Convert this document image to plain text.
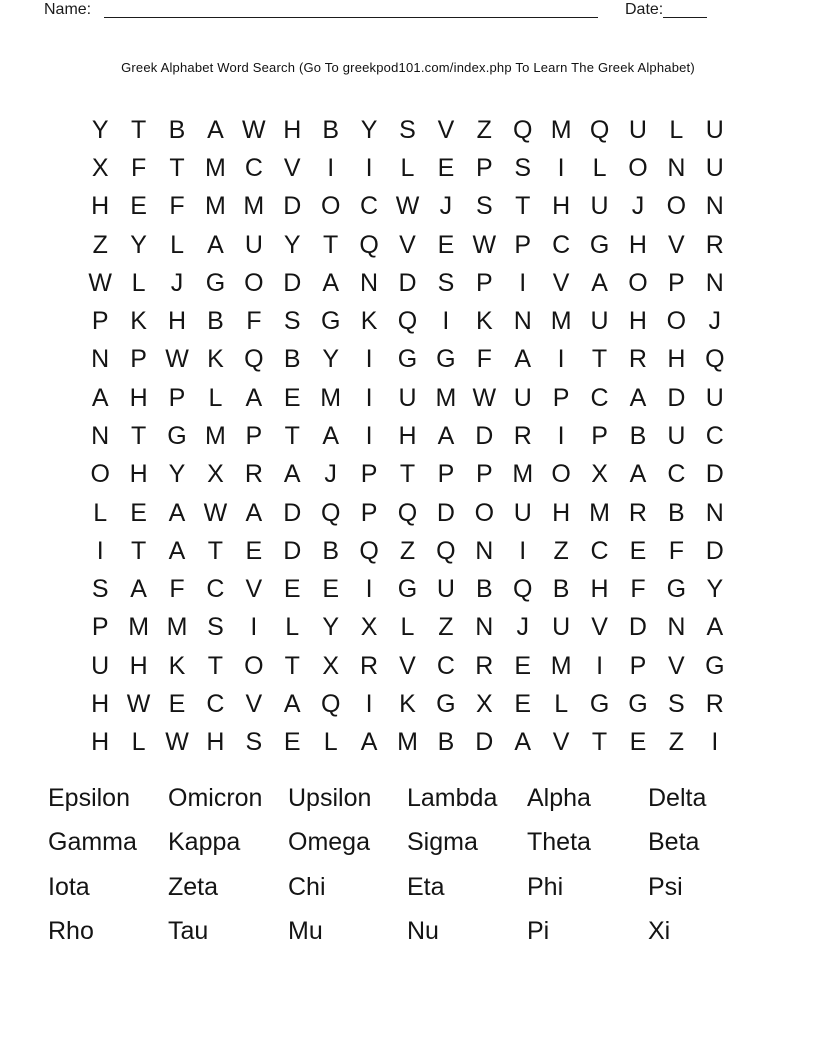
Name:	Date:
Greek Alphabet Word Search (Go To greekpod101.com/index.php To Learn The Greek Alphabet)
Y T B A W H B Y S V Z Q M Q U L U
X F T M C V	I	I	L E P S	I	L O N U
H E F M M D O C W J S T H U J O N
Z Y L A U Y T Q V E W P C G H V R
W L	J G O D A N D S P	I	V A O P N
P K H B F S G K Q	I	K N M U H O J
N P W K Q B Y	I	G G F A	I	T R H Q
A H P L A E M I	U M W U P C A D U
N T G M P T A	I	H A D R	I	P B U C
O H Y X R A J P T P P M O X A C D
L E A W A D Q P Q D O U H M R B N
I	T A T E D B Q Z Q N	I	Z C E F D
S A F C V E E	I	G U B Q B H F G Y
P M M S	I	L Y X L Z N J U V D N A
U H K T O T X R V C R E M I	P V G
H W E C V A Q	I	K G X E L G G S R
H L W H S E L A M B D A V T E Z	I
Epsilon	Omicron	Upsilon	Lambda	Alpha	Delta
Gamma	Kappa	Omega	Sigma	Theta	Beta
Iota	Zeta	Chi	Eta	Phi	Psi
Rho	Tau	Mu	Nu	Pi	Xi
